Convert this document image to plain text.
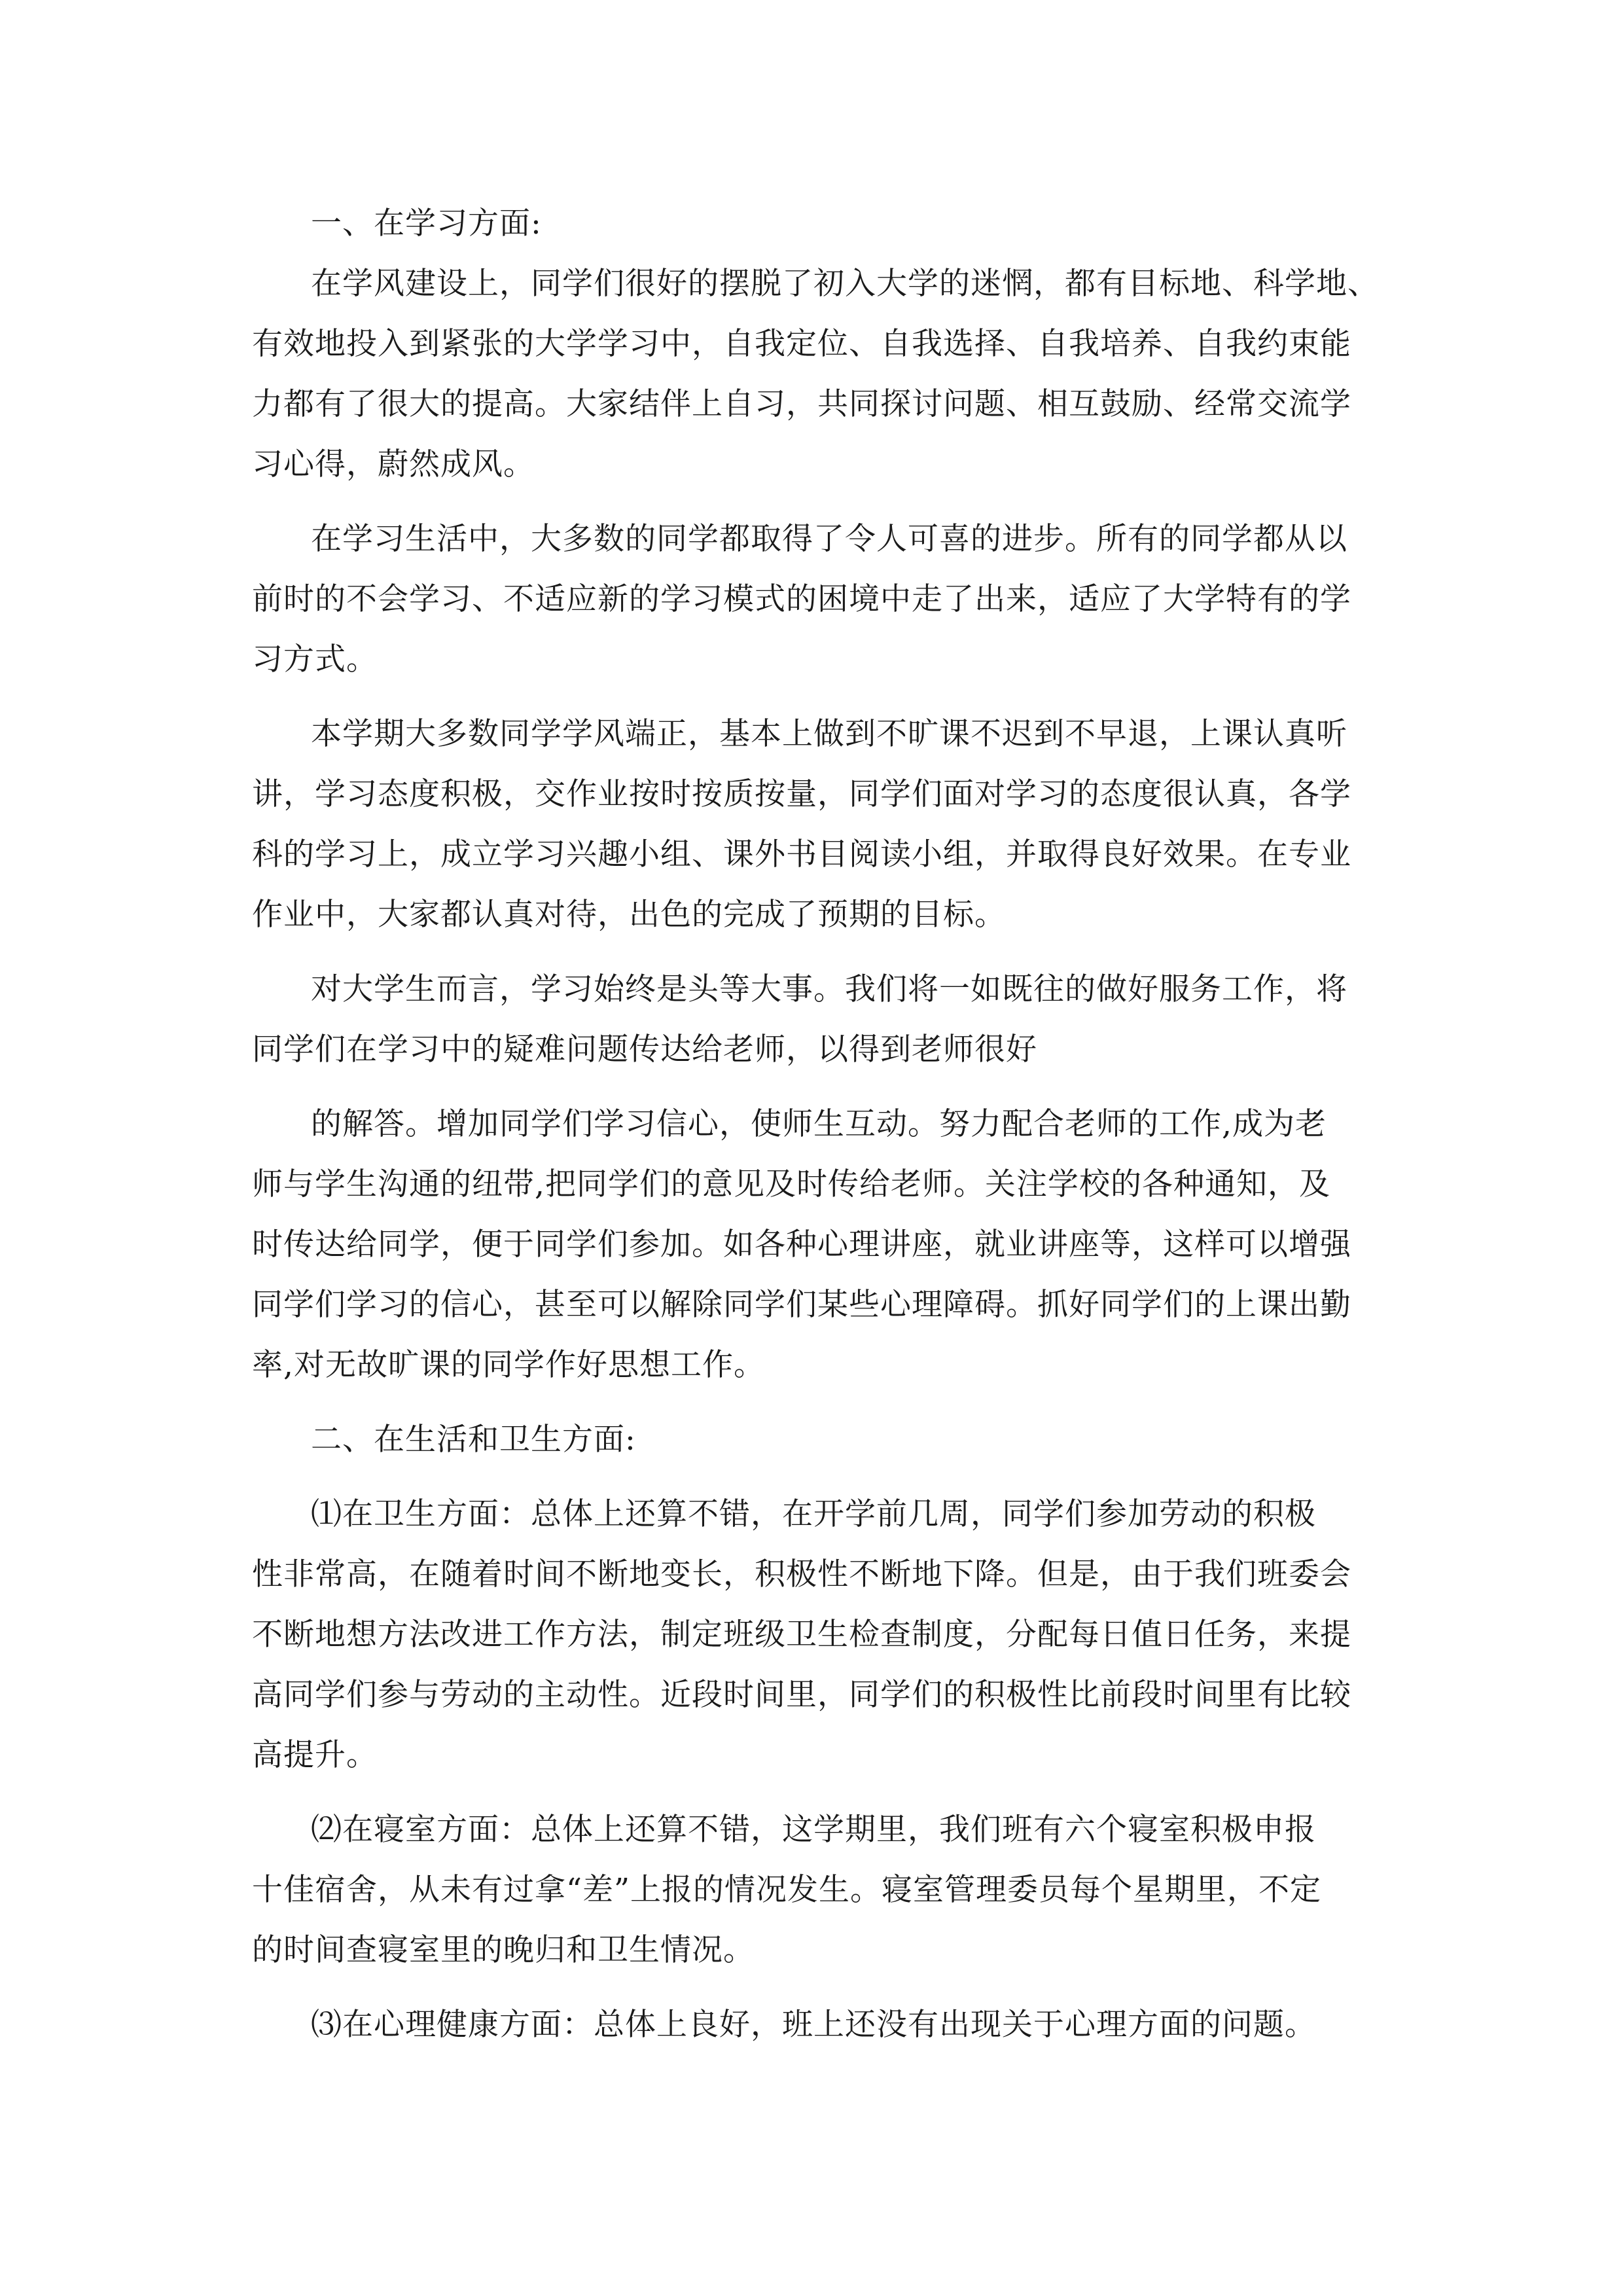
一、在学习方面:
在学风建设上，同学们很好的摆脱了初入大学的迷惘，都有目标地、科学地、
有效地投入到紧张的大学学习中，自我定位、自我选择、自我培养、自我约束能
力都有了很大的提高。大家结伴上自习，共同探讨问题、相互鼓励、经常交流学
习心得，蔚然成风。
在学习生活中，大多数的同学都取得了令人可喜的进步。所有的同学都从以
前时的不会学习、不适应新的学习模式的困境中走了出来，适应了大学特有的学
习方式。
本学期大多数同学学风端正，基本上做到不旷课不迟到不早退，上课认真听
讲，学习态度积极，交作业按时按质按量，同学们面对学习的态度很认真，各学
科的学习上，成立学习兴趣小组、课外书目阅读小组，并取得良好效果。在专业
作业中，大家都认真对待，出色的完成了预期的目标。
对大学生而言，学习始终是头等大事。我们将一如既往的做好服务工作，将
同学们在学习中的疑难问题传达给老师，以得到老师很好
的解答。增加同学们学习信心，使师生互动。努力配合老师的工作,成为老
师与学生沟通的纽带,把同学们的意见及时传给老师。关注学校的各种通知，及
时传达给同学，便于同学们参加。如各种心理讲座，就业讲座等，这样可以增强
同学们学习的信心，甚至可以解除同学们某些心理障碍。抓好同学们的上课出勤
率,对无故旷课的同学作好思想工作。
二、在生活和卫生方面:
⑴在卫生方面：总体上还算不错，在开学前几周，同学们参加劳动的积极
性非常高，在随着时间不断地变长，积极性不断地下降。但是，由于我们班委会
不断地想方法改进工作方法，制定班级卫生检查制度，分配每日值日任务，来提
高同学们参与劳动的主动性。近段时间里，同学们的积极性比前段时间里有比较
高提升。
⑵在寝室方面：总体上还算不错，这学期里，我们班有六个寝室积极申报
十佳宿舍，从未有过拿“差”上报的情况发生。寝室管理委员每个星期里，不定
的时间查寝室里的晚归和卫生情况。
⑶在心理健康方面：总体上良好，班上还没有出现关于心理方面的问题。
